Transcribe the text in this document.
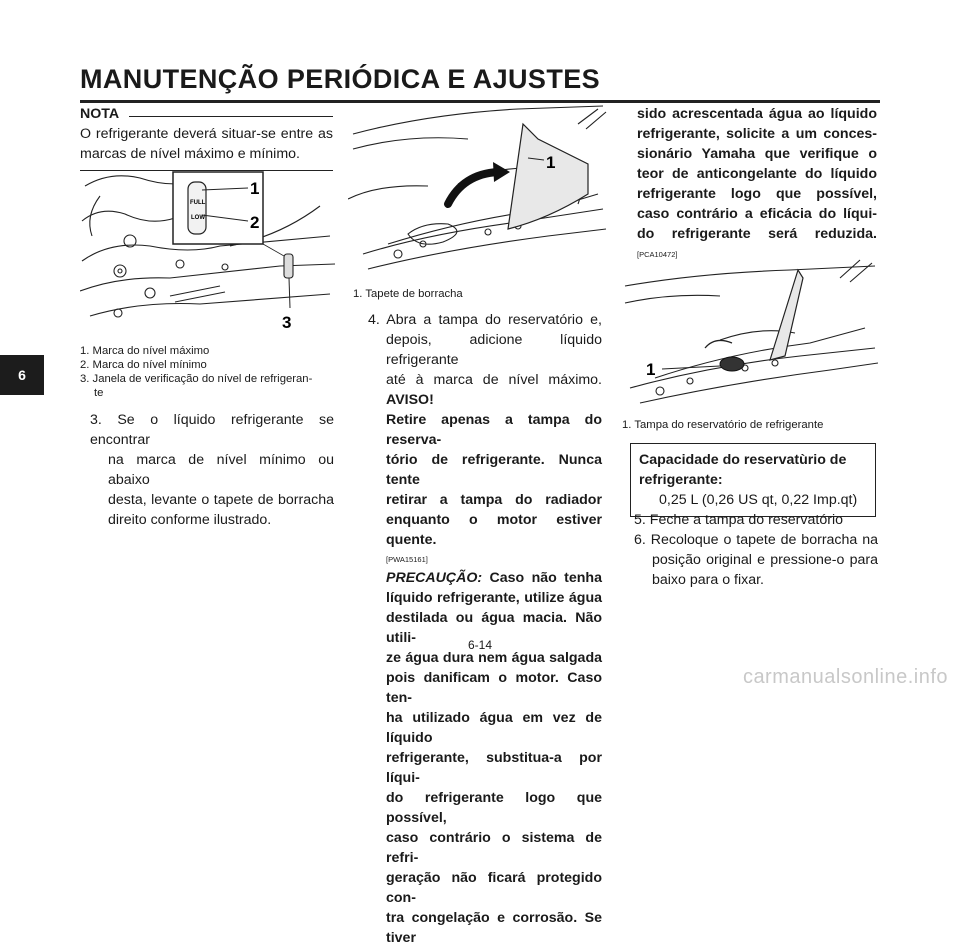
MANUTENÇÃO PERIÓDICA E AJUSTES
6
NOTA

O refrigerante deverá situar-se entre as

marcas de nível máximo e mínimo.

FULL
LOW
1
2
3
1. Marca do nível máximo
2. Marca do nível mínimo
3. Janela de verificação do nível de refrigeran-
te

3. Se o líquido refrigerante se encontrar

na marca de nível mínimo ou abaixo

desta, levante o tapete de borracha

direito conforme ilustrado.

1
1. Tapete de borracha

4. Abra a tampa do reservatório e,

depois, adicione líquido refrigerante

até à marca de nível máximo. AVISO!

Retire apenas a tampa do reserva-

tório de refrigerante. Nunca tente

retirar a tampa do radiador

enquanto o motor estiver quente.

[PWA15161]

PRECAUÇÃO: Caso não tenha

líquido refrigerante, utilize água

destilada ou água macia. Não utili-

ze água dura nem água salgada

pois danificam o motor. Caso ten-

ha utilizado água em vez de líquido

refrigerante, substitua-a por líqui-

do refrigerante logo que possível,

caso contrário o sistema de refri-

geração não ficará protegido con-

tra congelação e corrosão. Se tiver

sido acrescentada água ao líquido

refrigerante, solicite a um conces-

sionário Yamaha que verifique o

teor de anticongelante do líquido

refrigerante logo que possível,

caso contrário a eficácia do líqui-

do refrigerante será reduzida.

[PCA10472]
1
1. Tampa do reservatório de refrigerante

Capacidade do reservatùrio de

refrigerante:

0,25 L (0,26 US qt, 0,22 Imp.qt)

5. Feche a tampa do reservatório

6. Recoloque o tapete de borracha na

posição original e pressione-o para

baixo para o fixar.

6-14
carmanualsonline.info
